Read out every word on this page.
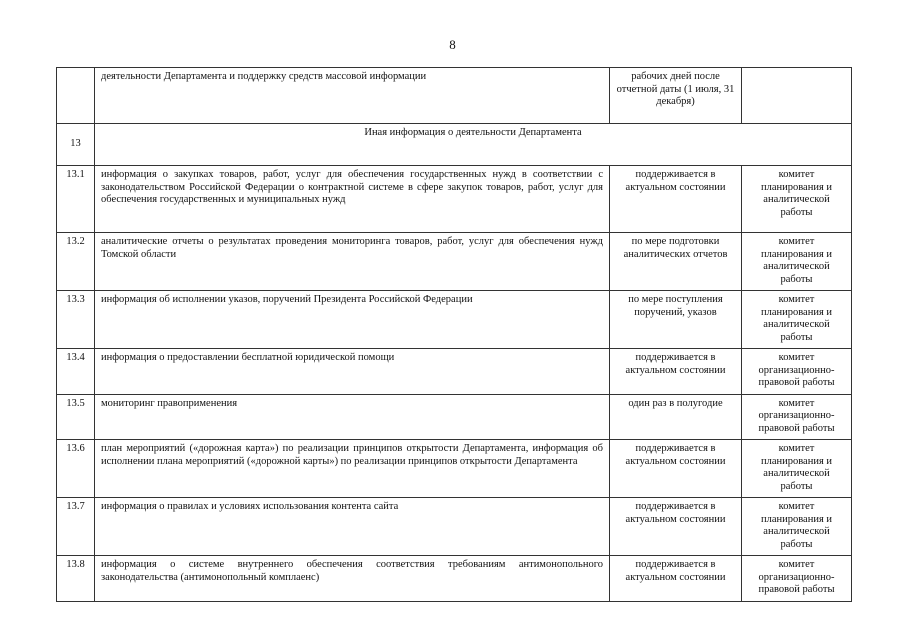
8
	деятельности Департамента и поддержку средств массовой информации	рабочих дней после отчетной даты (1 июля, 31 декабря)	
13	Иная информация о деятельности Департамента		
13.1	информация о закупках товаров, работ, услуг для обеспечения государственных нужд в соответствии с законодательством Российской Федерации о контрактной системе в сфере закупок товаров, работ, услуг для обеспечения государственных и муниципальных нужд	поддерживается в актуальном состоянии	комитет планирования и аналитической работы
13.2	аналитические отчеты о результатах проведения мониторинга товаров, работ, услуг для обеспечения нужд Томской области	по мере подготовки аналитических отчетов	комитет планирования и аналитической работы
13.3	информация об исполнении указов, поручений Президента Российской Федерации	по мере поступления поручений, указов	комитет планирования и аналитической работы
13.4	информация о предоставлении бесплатной юридической помощи	поддерживается в актуальном состоянии	комитет организационно-правовой работы
13.5	мониторинг правоприменения	один раз в полугодие	комитет организационно-правовой работы
13.6	план мероприятий («дорожная карта») по реализации принципов открытости Департамента, информация об исполнении плана мероприятий («дорожной карты») по реализации принципов открытости Департамента	поддерживается в актуальном состоянии	комитет планирования и аналитической работы
13.7	информация о правилах и условиях использования контента сайта	поддерживается в актуальном состоянии	комитет планирования и аналитической работы
13.8	информация о системе внутреннего обеспечения соответствия требованиям антимонопольного законодательства (антимонопольный комплаенс)	поддерживается в актуальном состоянии	комитет организационно-правовой работы
